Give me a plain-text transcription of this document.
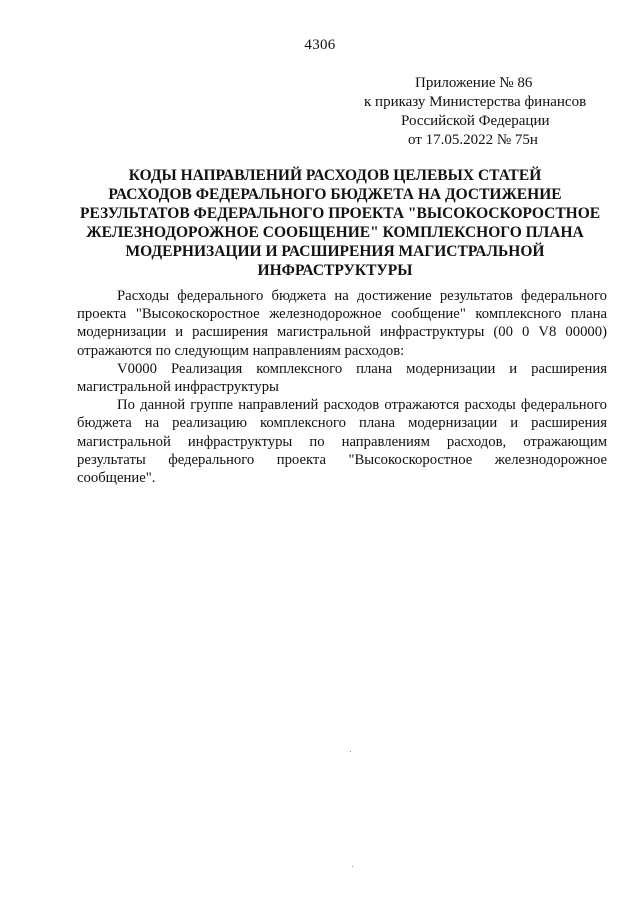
4306
Приложение № 86
к приказу Министерства финансов
Российской Федерации
от 17.05.2022 № 75н
КОДЫ НАПРАВЛЕНИЙ РАСХОДОВ ЦЕЛЕВЫХ СТАТЕЙ
РАСХОДОВ ФЕДЕРАЛЬНОГО БЮДЖЕТА НА ДОСТИЖЕНИЕ
РЕЗУЛЬТАТОВ ФЕДЕРАЛЬНОГО ПРОЕКТА "ВЫСОКОСКОРОСТНОЕ
ЖЕЛЕЗНОДОРОЖНОЕ СООБЩЕНИЕ" КОМПЛЕКСНОГО ПЛАНА
МОДЕРНИЗАЦИИ И РАСШИРЕНИЯ МАГИСТРАЛЬНОЙ
ИНФРАСТРУКТУРЫ
Расходы федерального бюджета на достижение результатов федерального
проекта "Высокоскоростное железнодорожное сообщение" комплексного плана
модернизации и расширения магистральной инфраструктуры (00 0 V8 00000)
отражаются по следующим направлениям расходов:
V0000 Реализация комплексного плана модернизации и расширения
магистральной инфраструктуры
По данной группе направлений расходов отражаются расходы федерального
бюджета на реализацию комплексного плана модернизации и расширения
магистральной инфраструктуры по направлениям расходов, отражающим
результаты федерального проекта "Высокоскоростное железнодорожное
сообщение".
